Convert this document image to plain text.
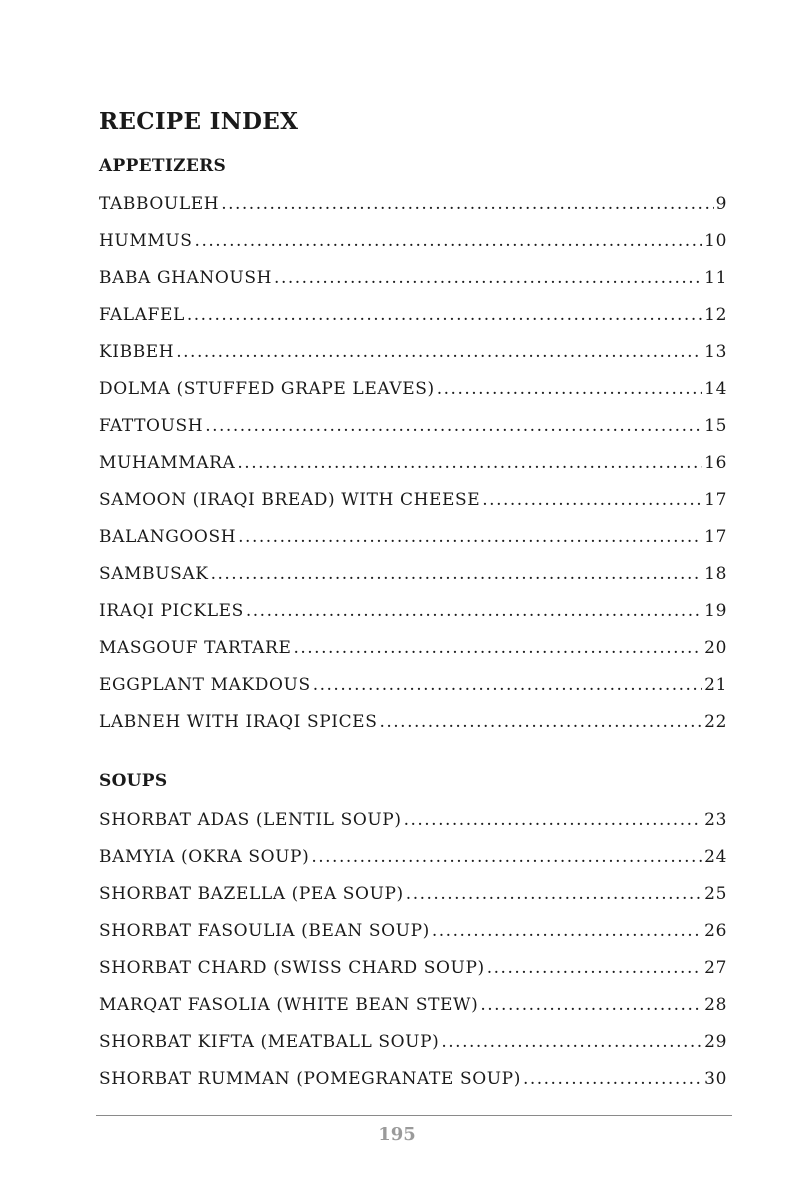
RECIPE INDEX
APPETIZERS
TABBOULEH .....	9
HUMMUS .....	10
BABA GHANOUSH .....	11
FALAFEL .....	12
KIBBEH .....	13
DOLMA (STUFFED GRAPE LEAVES) .....	14
FATTOUSH .....	15
MUHAMMARA .....	16
SAMOON (IRAQI BREAD) WITH CHEESE .....	17
BALANGOOSH .....	17
SAMBUSAK .....	18
IRAQI PICKLES .....	19
MASGOUF TARTARE .....	20
EGGPLANT MAKDOUS .....	21
LABNEH WITH IRAQI SPICES .....	22
SOUPS
SHORBAT ADAS (LENTIL SOUP) .....	23
BAMYIA (OKRA SOUP) .....	24
SHORBAT BAZELLA (PEA SOUP) .....	25
SHORBAT FASOULIA (BEAN SOUP) .....	26
SHORBAT CHARD (SWISS CHARD SOUP) .....	27
MARQAT FASOLIA (WHITE BEAN STEW) .....	28
SHORBAT KIFTA (MEATBALL SOUP) .....	29
SHORBAT RUMMAN (POMEGRANATE SOUP) .....	30

195
